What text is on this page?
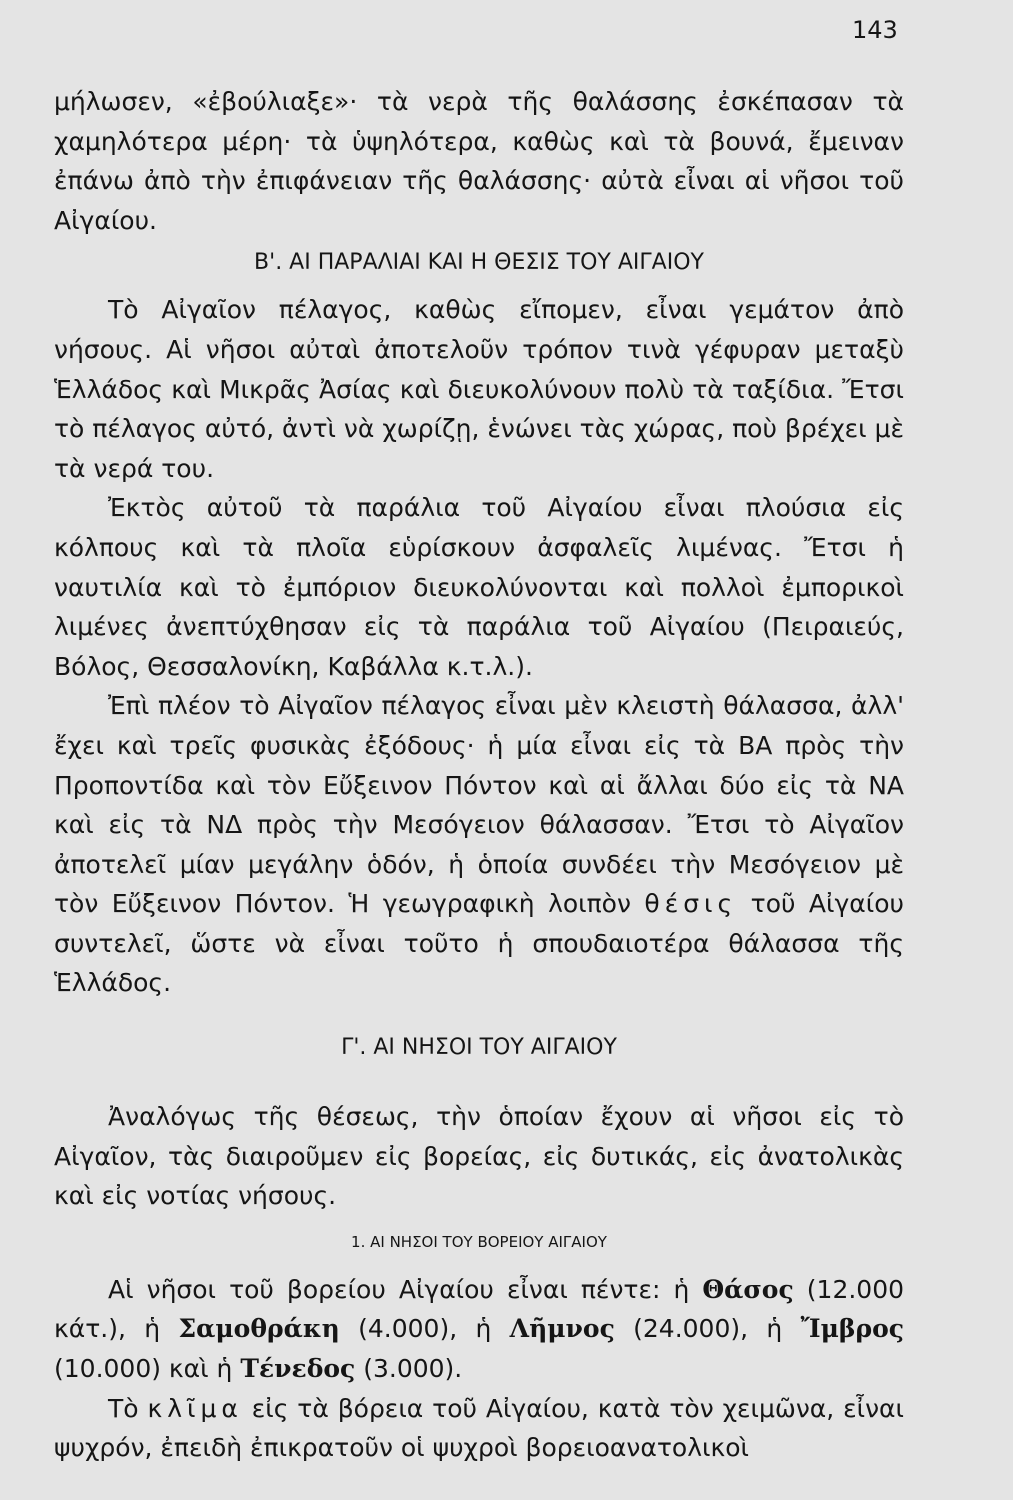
143

μήλωσεν, «ἐβούλιαξε»· τὰ νερὰ τῆς θαλάσσης ἐσκέπασαν τὰ χαμηλότερα μέρη· τὰ ὑψηλότερα, καθὼς καὶ τὰ βουνά, ἔμειναν ἐπάνω ἀπὸ τὴν ἐπιφάνειαν τῆς θαλάσσης· αὐτὰ εἶναι αἱ νῆσοι τοῦ Αἰγαίου.

Β'. ΑΙ ΠΑΡΑΛΙΑΙ ΚΑΙ Η ΘΕΣΙΣ ΤΟΥ ΑΙΓΑΙΟΥ

Τὸ Αἰγαῖον πέλαγος, καθὼς εἴπομεν, εἶναι γεμάτον ἀπὸ νήσους. Αἱ νῆσοι αὐταὶ ἀποτελοῦν τρόπον τινὰ γέφυραν μεταξὺ Ἑλλάδος καὶ Μικρᾶς Ἀσίας καὶ διευκολύνουν πολὺ τὰ ταξίδια. Ἔτσι τὸ πέλαγος αὐτό, ἀντὶ νὰ χωρίζῃ, ἑνώνει τὰς χώρας, ποὺ βρέχει μὲ τὰ νερά του.

Ἐκτὸς αὐτοῦ τὰ παράλια τοῦ Αἰγαίου εἶναι πλούσια εἰς κόλπους καὶ τὰ πλοῖα εὑρίσκουν ἀσφαλεῖς λιμένας. Ἔτσι ἡ ναυτιλία καὶ τὸ ἐμπόριον διευκολύνονται καὶ πολλοὶ ἐμπορικοὶ λιμένες ἀνεπτύχθησαν εἰς τὰ παράλια τοῦ Αἰγαίου (Πειραιεύς, Βόλος, Θεσσαλονίκη, Καβάλλα κ.τ.λ.).

Ἐπὶ πλέον τὸ Αἰγαῖον πέλαγος εἶναι μὲν κλειστὴ θάλασσα, ἀλλ' ἔχει καὶ τρεῖς φυσικὰς ἐξόδους· ἡ μία εἶναι εἰς τὰ ΒΑ πρὸς τὴν Προποντίδα καὶ τὸν Εὔξεινον Πόντον καὶ αἱ ἄλλαι δύο εἰς τὰ ΝΑ καὶ εἰς τὰ ΝΔ πρὸς τὴν Μεσόγειον θάλασσαν. Ἔτσι τὸ Αἰγαῖον ἀποτελεῖ μίαν μεγάλην ὁδόν, ἡ ὁποία συνδέει τὴν Μεσόγειον μὲ τὸν Εὔξεινον Πόντον. Ἡ γεωγραφικὴ λοιπὸν θέσις τοῦ Αἰγαίου συντελεῖ, ὥστε νὰ εἶναι τοῦτο ἡ σπουδαιοτέρα θάλασσα τῆς Ἑλλάδος.

Γ'. ΑΙ ΝΗΣΟΙ ΤΟΥ ΑΙΓΑΙΟΥ

Ἀναλόγως τῆς θέσεως, τὴν ὁποίαν ἔχουν αἱ νῆσοι εἰς τὸ Αἰγαῖον, τὰς διαιροῦμεν εἰς βορείας, εἰς δυτικάς, εἰς ἀνατολικὰς καὶ εἰς νοτίας νήσους.

1. ΑΙ ΝΗΣΟΙ ΤΟΥ ΒΟΡΕΙΟΥ ΑΙΓΑΙΟΥ

Αἱ νῆσοι τοῦ βορείου Αἰγαίου εἶναι πέντε: ἡ Θάσος (12.000 κάτ.), ἡ Σαμοθράκη (4.000), ἡ Λῆμνος (24.000), ἡ Ἴμβρος (10.000) καὶ ἡ Τένεδος (3.000).

Τὸ κλῖμα εἰς τὰ βόρεια τοῦ Αἰγαίου, κατὰ τὸν χειμῶνα, εἶναι ψυχρόν, ἐπειδὴ ἐπικρατοῦν οἱ ψυχροὶ βορειοανατολικοὶ
